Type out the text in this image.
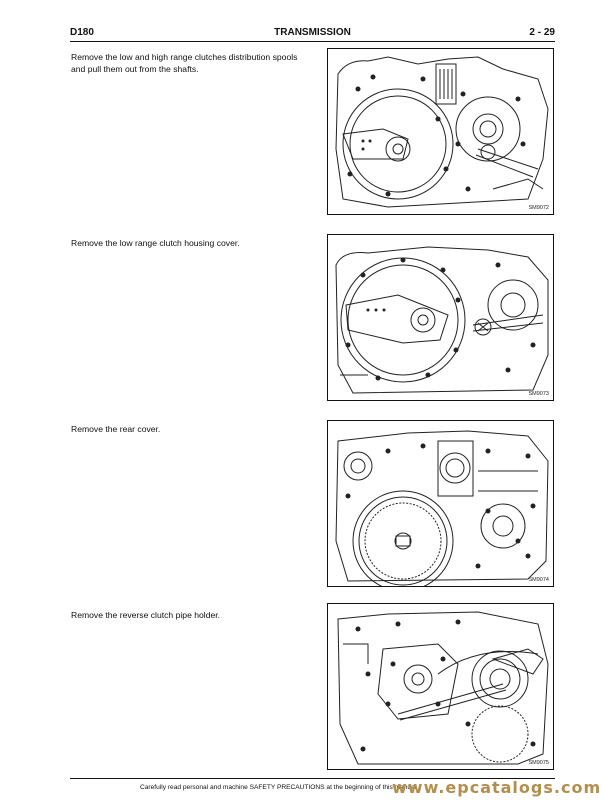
D180	TRANSMISSION	2 - 29
Remove the low and high range clutches distribution spools and pull them out from the shafts.
SM9072
Remove the low range clutch housing cover.
SM9073
Remove the rear cover.
SM9074
Remove the reverse clutch pipe holder.
SM9075
Carefully read personal and machine SAFETY PRECAUTIONS at the beginning of this manual
www.epcatalogs.com
